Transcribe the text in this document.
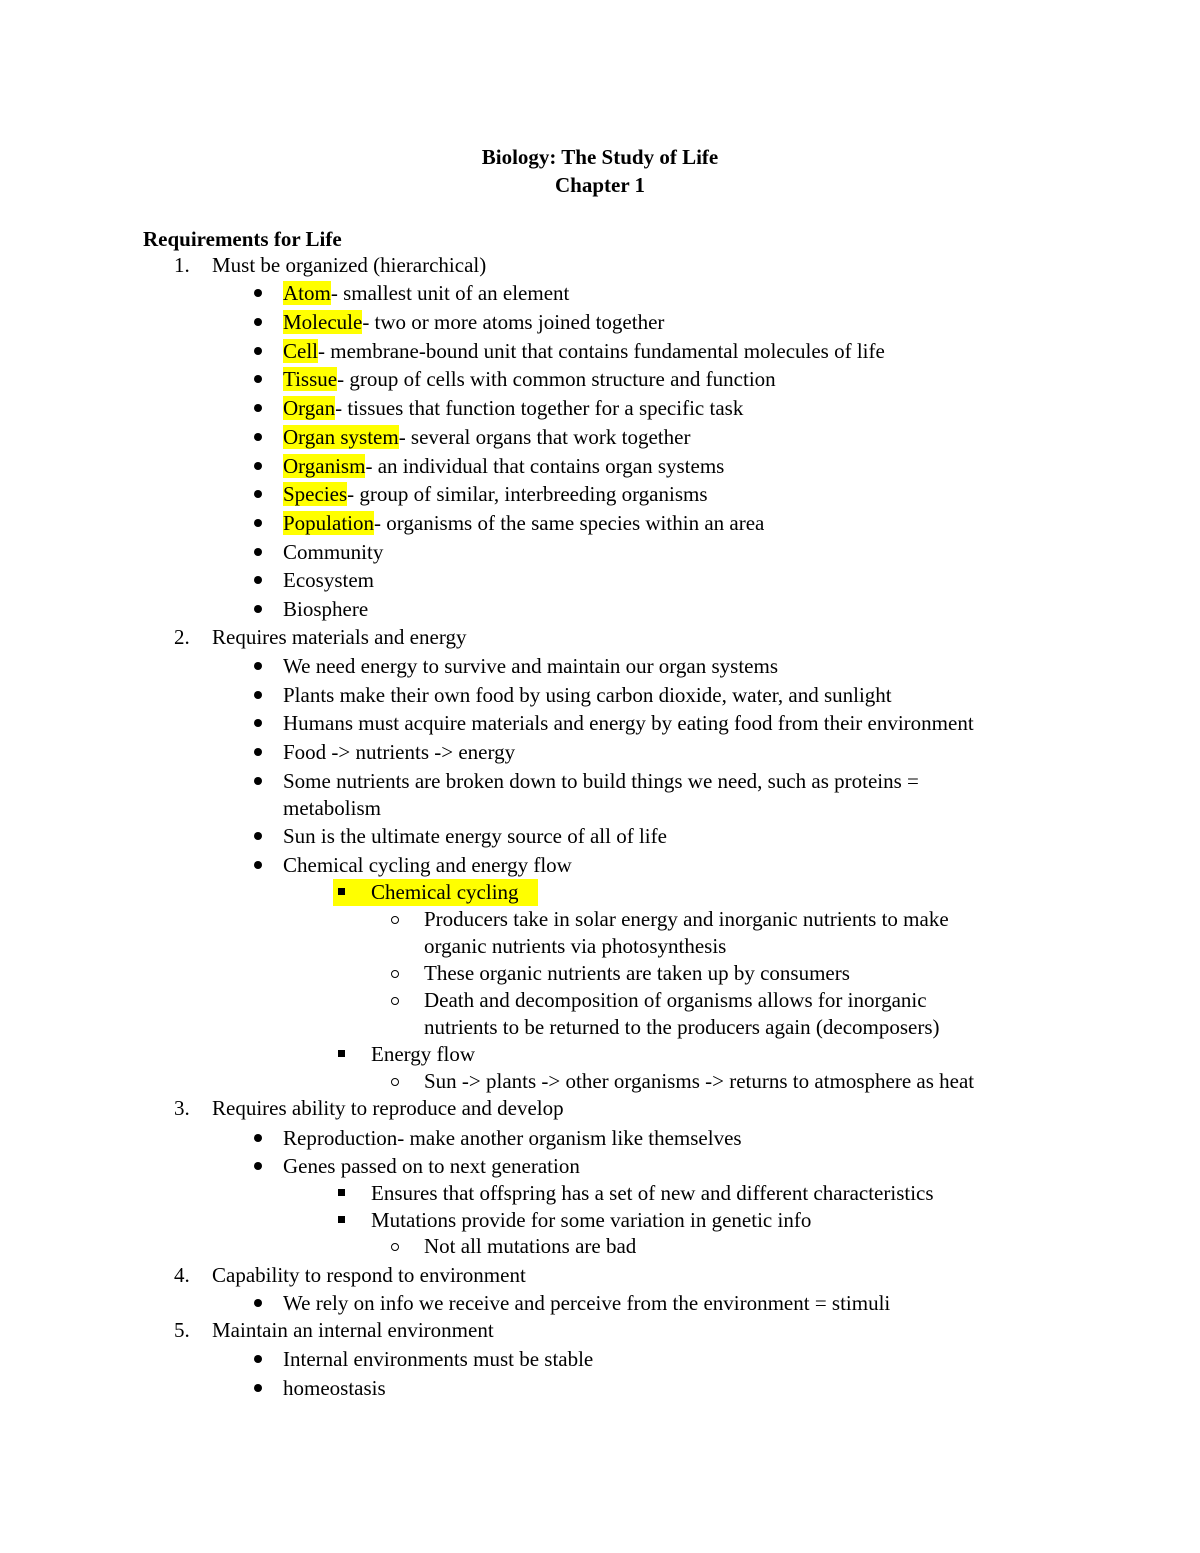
Biology: The Study of Life
Chapter 1
Requirements for Life
1. Must be organized (hierarchical)
Atom- smallest unit of an element
Molecule- two or more atoms joined together
Cell- membrane-bound unit that contains fundamental molecules of life
Tissue- group of cells with common structure and function
Organ- tissues that function together for a specific task
Organ system- several organs that work together
Organism- an individual that contains organ systems
Species- group of similar, interbreeding organisms
Population- organisms of the same species within an area
Community
Ecosystem
Biosphere
2. Requires materials and energy
We need energy to survive and maintain our organ systems
Plants make their own food by using carbon dioxide, water, and sunlight
Humans must acquire materials and energy by eating food from their environment
Food -> nutrients -> energy
Some nutrients are broken down to build things we need, such as proteins =
metabolism
Sun is the ultimate energy source of all of life
Chemical cycling and energy flow
Chemical cycling
Producers take in solar energy and inorganic nutrients to make
organic nutrients via photosynthesis
These organic nutrients are taken up by consumers
Death and decomposition of organisms allows for inorganic
nutrients to be returned to the producers again (decomposers)
Energy flow
Sun -> plants -> other organisms -> returns to atmosphere as heat
3. Requires ability to reproduce and develop
Reproduction- make another organism like themselves
Genes passed on to next generation
Ensures that offspring has a set of new and different characteristics
Mutations provide for some variation in genetic info
Not all mutations are bad
4. Capability to respond to environment
We rely on info we receive and perceive from the environment = stimuli
5. Maintain an internal environment
Internal environments must be stable
homeostasis
